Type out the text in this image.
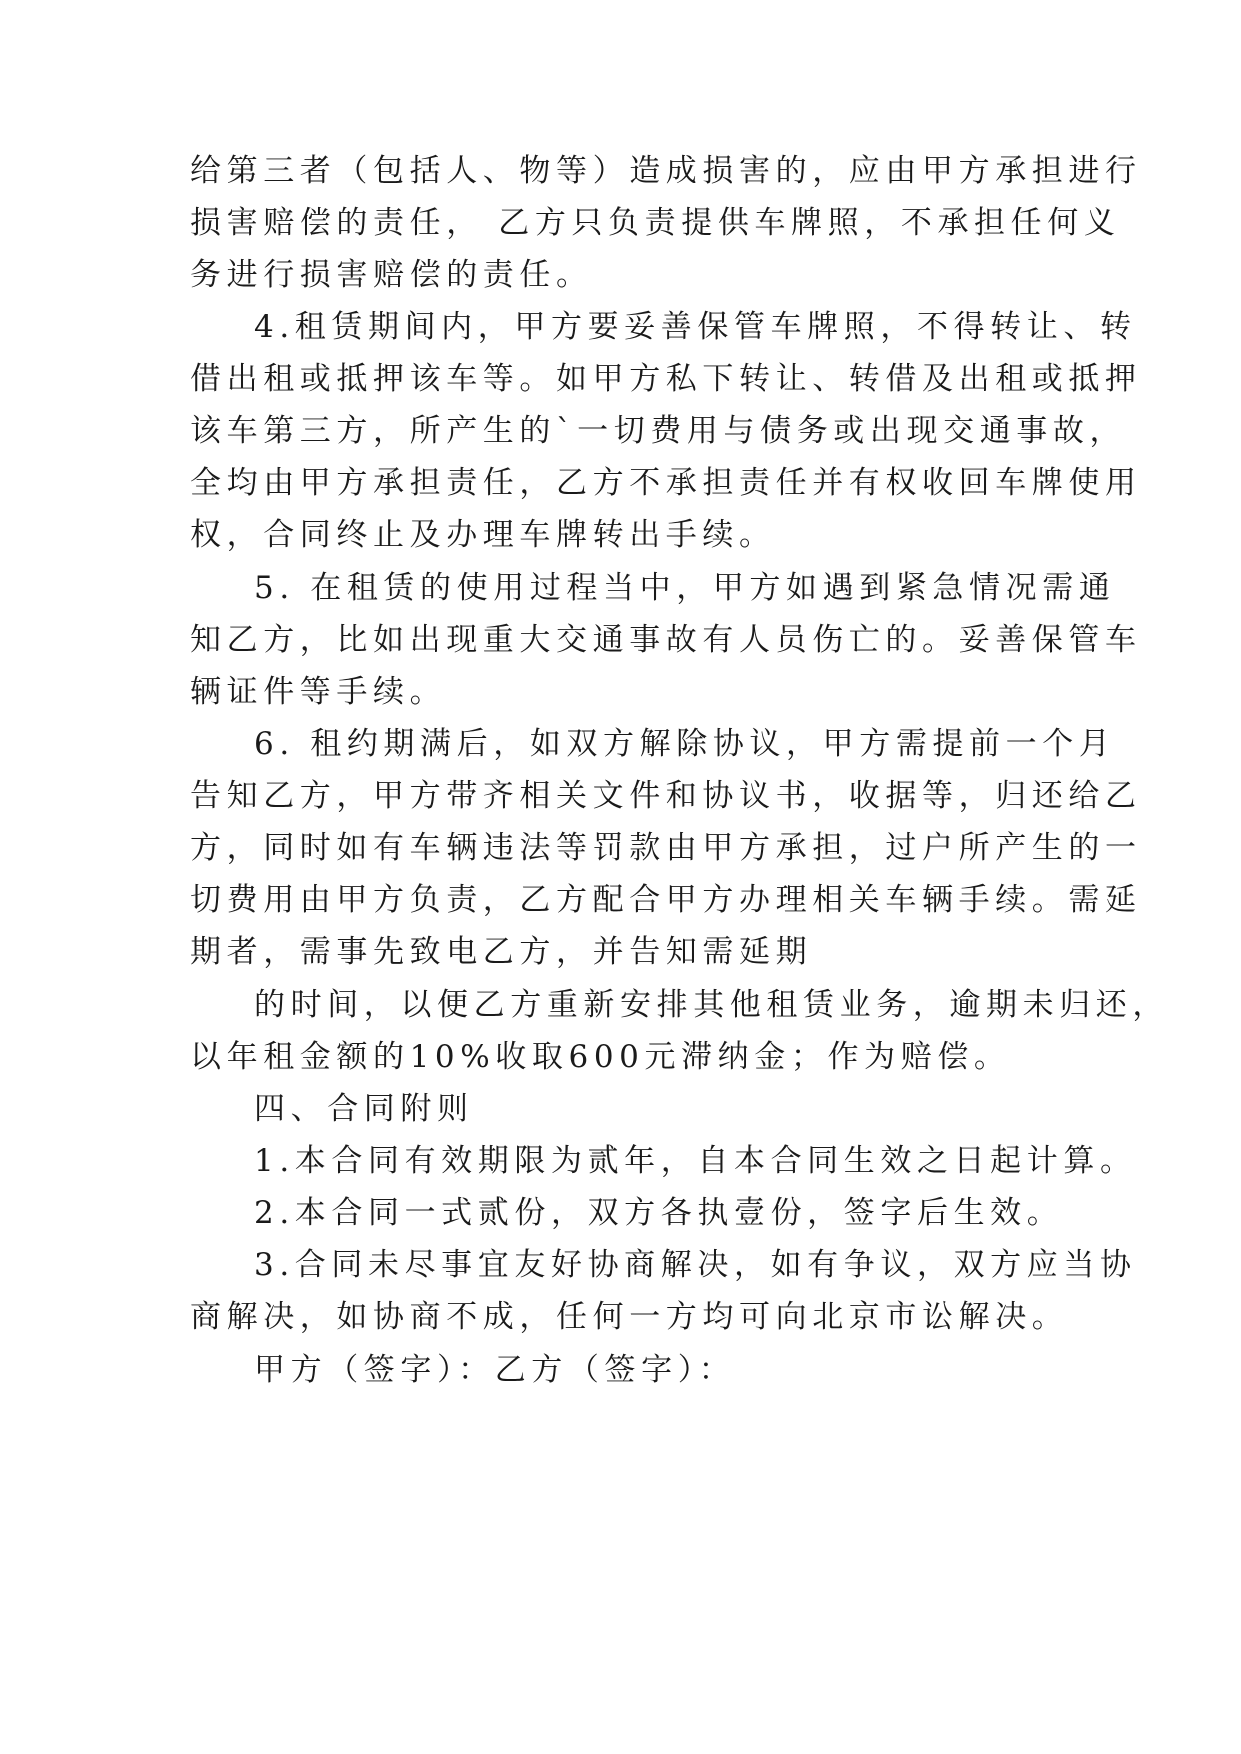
给第三者（包括人、物等）造成损害的，应由甲方承担进行
损害赔偿的责任， 乙方只负责提供车牌照，不承担任何义
务进行损害赔偿的责任。
4.租赁期间内，甲方要妥善保管车牌照，不得转让、转
借出租或抵押该车等。如甲方私下转让、转借及出租或抵押
该车第三方，所产生的`一切费用与债务或出现交通事故，
全均由甲方承担责任，乙方不承担责任并有权收回车牌使用
权，合同终止及办理车牌转出手续。
5. 在租赁的使用过程当中，甲方如遇到紧急情况需通
知乙方，比如出现重大交通事故有人员伤亡的。妥善保管车
辆证件等手续。
6. 租约期满后，如双方解除协议，甲方需提前一个月
告知乙方，甲方带齐相关文件和协议书，收据等，归还给乙
方，同时如有车辆违法等罚款由甲方承担，过户所产生的一
切费用由甲方负责，乙方配合甲方办理相关车辆手续。需延
期者，需事先致电乙方，并告知需延期
的时间，以便乙方重新安排其他租赁业务，逾期未归还，
以年租金额的10%收取600元滞纳金；作为赔偿。
四、合同附则
1.本合同有效期限为贰年，自本合同生效之日起计算。
2.本合同一式贰份，双方各执壹份，签字后生效。
3.合同未尽事宜友好协商解决，如有争议，双方应当协
商解决，如协商不成，任何一方均可向北京市讼解决。
甲方（签字）：乙方（签字）：
